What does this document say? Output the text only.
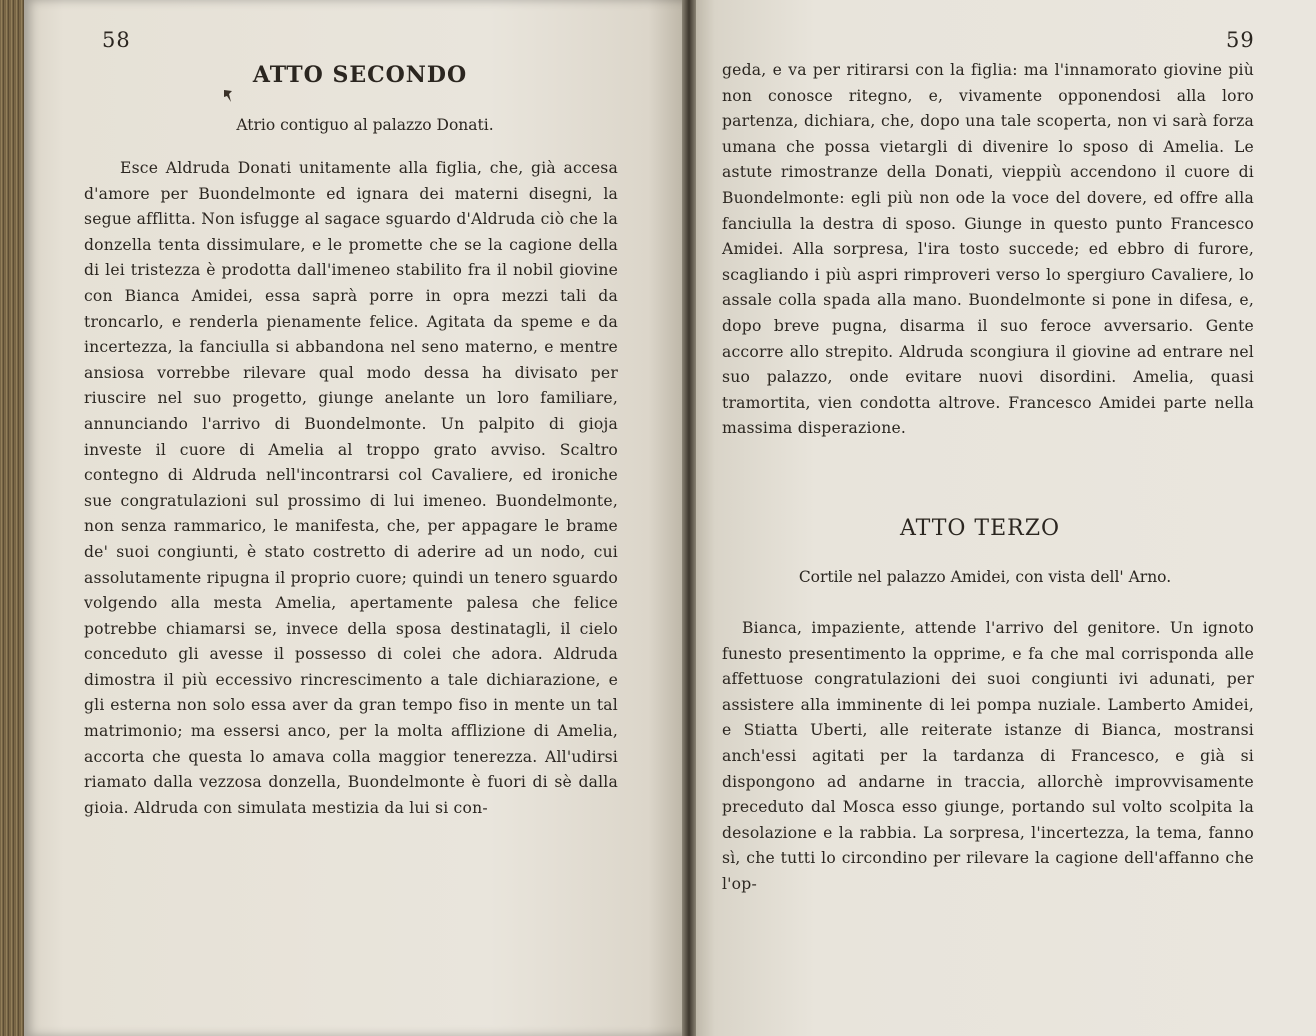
58
ATTO SECONDO
Atrio contiguo al palazzo Donati.

Esce Aldruda Donati unitamente alla figlia, che, già accesa d'amore per Buondelmonte ed ignara dei materni disegni, la segue afflitta. Non isfugge al sagace sguardo d'Aldruda ciò che la donzella tenta dissimulare, e le promette che se la cagione della di lei tristezza è prodotta dall'imeneo stabilito fra il nobil giovine con Bianca Amidei, essa saprà porre in opra mezzi tali da troncarlo, e renderla pienamente felice. Agitata da speme e da incertezza, la fanciulla si abbandona nel seno materno, e mentre ansiosa vorrebbe rilevare qual modo dessa ha divisato per riuscire nel suo progetto, giunge anelante un loro familiare, annunciando l'arrivo di Buondelmonte. Un palpito di gioja investe il cuore di Amelia al troppo grato avviso. Scaltro contegno di Aldruda nell'incontrarsi col Cavaliere, ed ironiche sue congratulazioni sul prossimo di lui imeneo. Buondelmonte, non senza rammarico, le manifesta, che, per appagare le brame de' suoi congiunti, è stato costretto di aderire ad un nodo, cui assolutamente ripugna il proprio cuore; quindi un tenero sguardo volgendo alla mesta Amelia, apertamente palesa che felice potrebbe chiamarsi se, invece della sposa destinatagli, il cielo conceduto gli avesse il possesso di colei che adora. Aldruda dimostra il più eccessivo rincrescimento a tale dichiarazione, e gli esterna non solo essa aver da gran tempo fiso in mente un tal matrimonio; ma essersi anco, per la molta afflizione di Amelia, accorta che questa lo amava colla maggior tenerezza. All'udirsi riamato dalla vezzosa donzella, Buondelmonte è fuori di sè dalla gioia. Aldruda con simulata mestizia da lui si con-

59

geda, e va per ritirarsi con la figlia: ma l'innamorato giovine più non conosce ritegno, e, vivamente opponendosi alla loro partenza, dichiara, che, dopo una tale scoperta, non vi sarà forza umana che possa vietargli di divenire lo sposo di Amelia. Le astute rimostranze della Donati, vieppiù accendono il cuore di Buondelmonte: egli più non ode la voce del dovere, ed offre alla fanciulla la destra di sposo. Giunge in questo punto Francesco Amidei. Alla sorpresa, l'ira tosto succede; ed ebbro di furore, scagliando i più aspri rimproveri verso lo spergiuro Cavaliere, lo assale colla spada alla mano. Buondelmonte si pone in difesa, e, dopo breve pugna, disarma il suo feroce avversario. Gente accorre allo strepito. Aldruda scongiura il giovine ad entrare nel suo palazzo, onde evitare nuovi disordini. Amelia, quasi tramortita, vien condotta altrove. Francesco Amidei parte nella massima disperazione.

ATTO TERZO
Cortile nel palazzo Amidei, con vista dell' Arno.

Bianca, impaziente, attende l'arrivo del genitore. Un ignoto funesto presentimento la opprime, e fa che mal corrisponda alle affettuose congratulazioni dei suoi congiunti ivi adunati, per assistere alla imminente di lei pompa nuziale. Lamberto Amidei, e Stiatta Uberti, alle reiterate istanze di Bianca, mostransi anch'essi agitati per la tardanza di Francesco, e già si dispongono ad andarne in traccia, allorchè improvvisamente preceduto dal Mosca esso giunge, portando sul volto scolpita la desolazione e la rabbia. La sorpresa, l'incertezza, la tema, fanno sì, che tutti lo circondino per rilevare la cagione dell'affanno che l'op-
